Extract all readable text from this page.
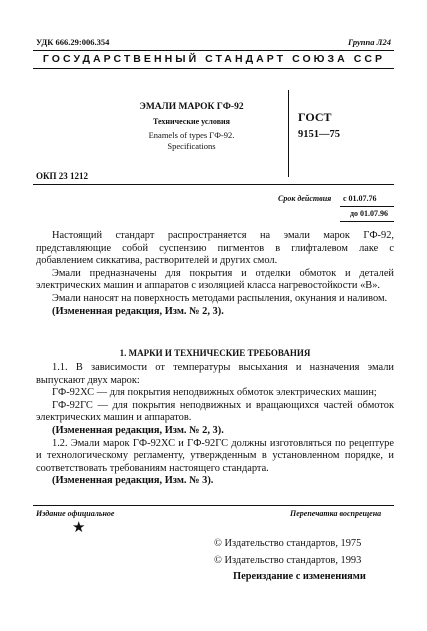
УДК 666.29:006.354	Группа Л24
ГОСУДАРСТВЕННЫЙ СТАНДАРТ СОЮЗА ССР
ЭМАЛИ МАРОК ГФ-92
Технические условия
Enamels of types ГФ-92.
Specifications
ГОСТ
9151—75
ОКП 23 1212
Срок действия с 01.07.76
до 01.07.96

Настоящий стандарт распространяется на эмали марок ГФ-92, представляющие собой суспензию пигментов в глифталевом лаке с добавлением сиккатива, растворителей и других смол.

Эмали предназначены для покрытия и отделки обмоток и деталей электрических машин и аппаратов с изоляцией класса нагревостойкости «В».

Эмали наносят на поверхность методами распыления, окунания и наливом.

(Измененная редакция, Изм. № 2, 3).

1. МАРКИ И ТЕХНИЧЕСКИЕ ТРЕБОВАНИЯ

1.1. В зависимости от температуры высыхания и назначения эмали выпускают двух марок:

ГФ-92ХС — для покрытия неподвижных обмоток электрических машин;

ГФ-92ГС — для покрытия неподвижных и вращающихся частей обмоток электрических машин и аппаратов.

(Измененная редакция, Изм. № 2, 3).

1.2. Эмали марок ГФ-92ХС и ГФ-92ГС должны изготовляться по рецептуре и технологическому регламенту, утвержденным в установленном порядке, и соответствовать требованиям настоящего стандарта.

(Измененная редакция, Изм. № 3).

Издание официальное	Перепечатка воспрещена
★
© Издательство стандартов, 1975
© Издательство стандартов, 1993
Переиздание с изменениями
